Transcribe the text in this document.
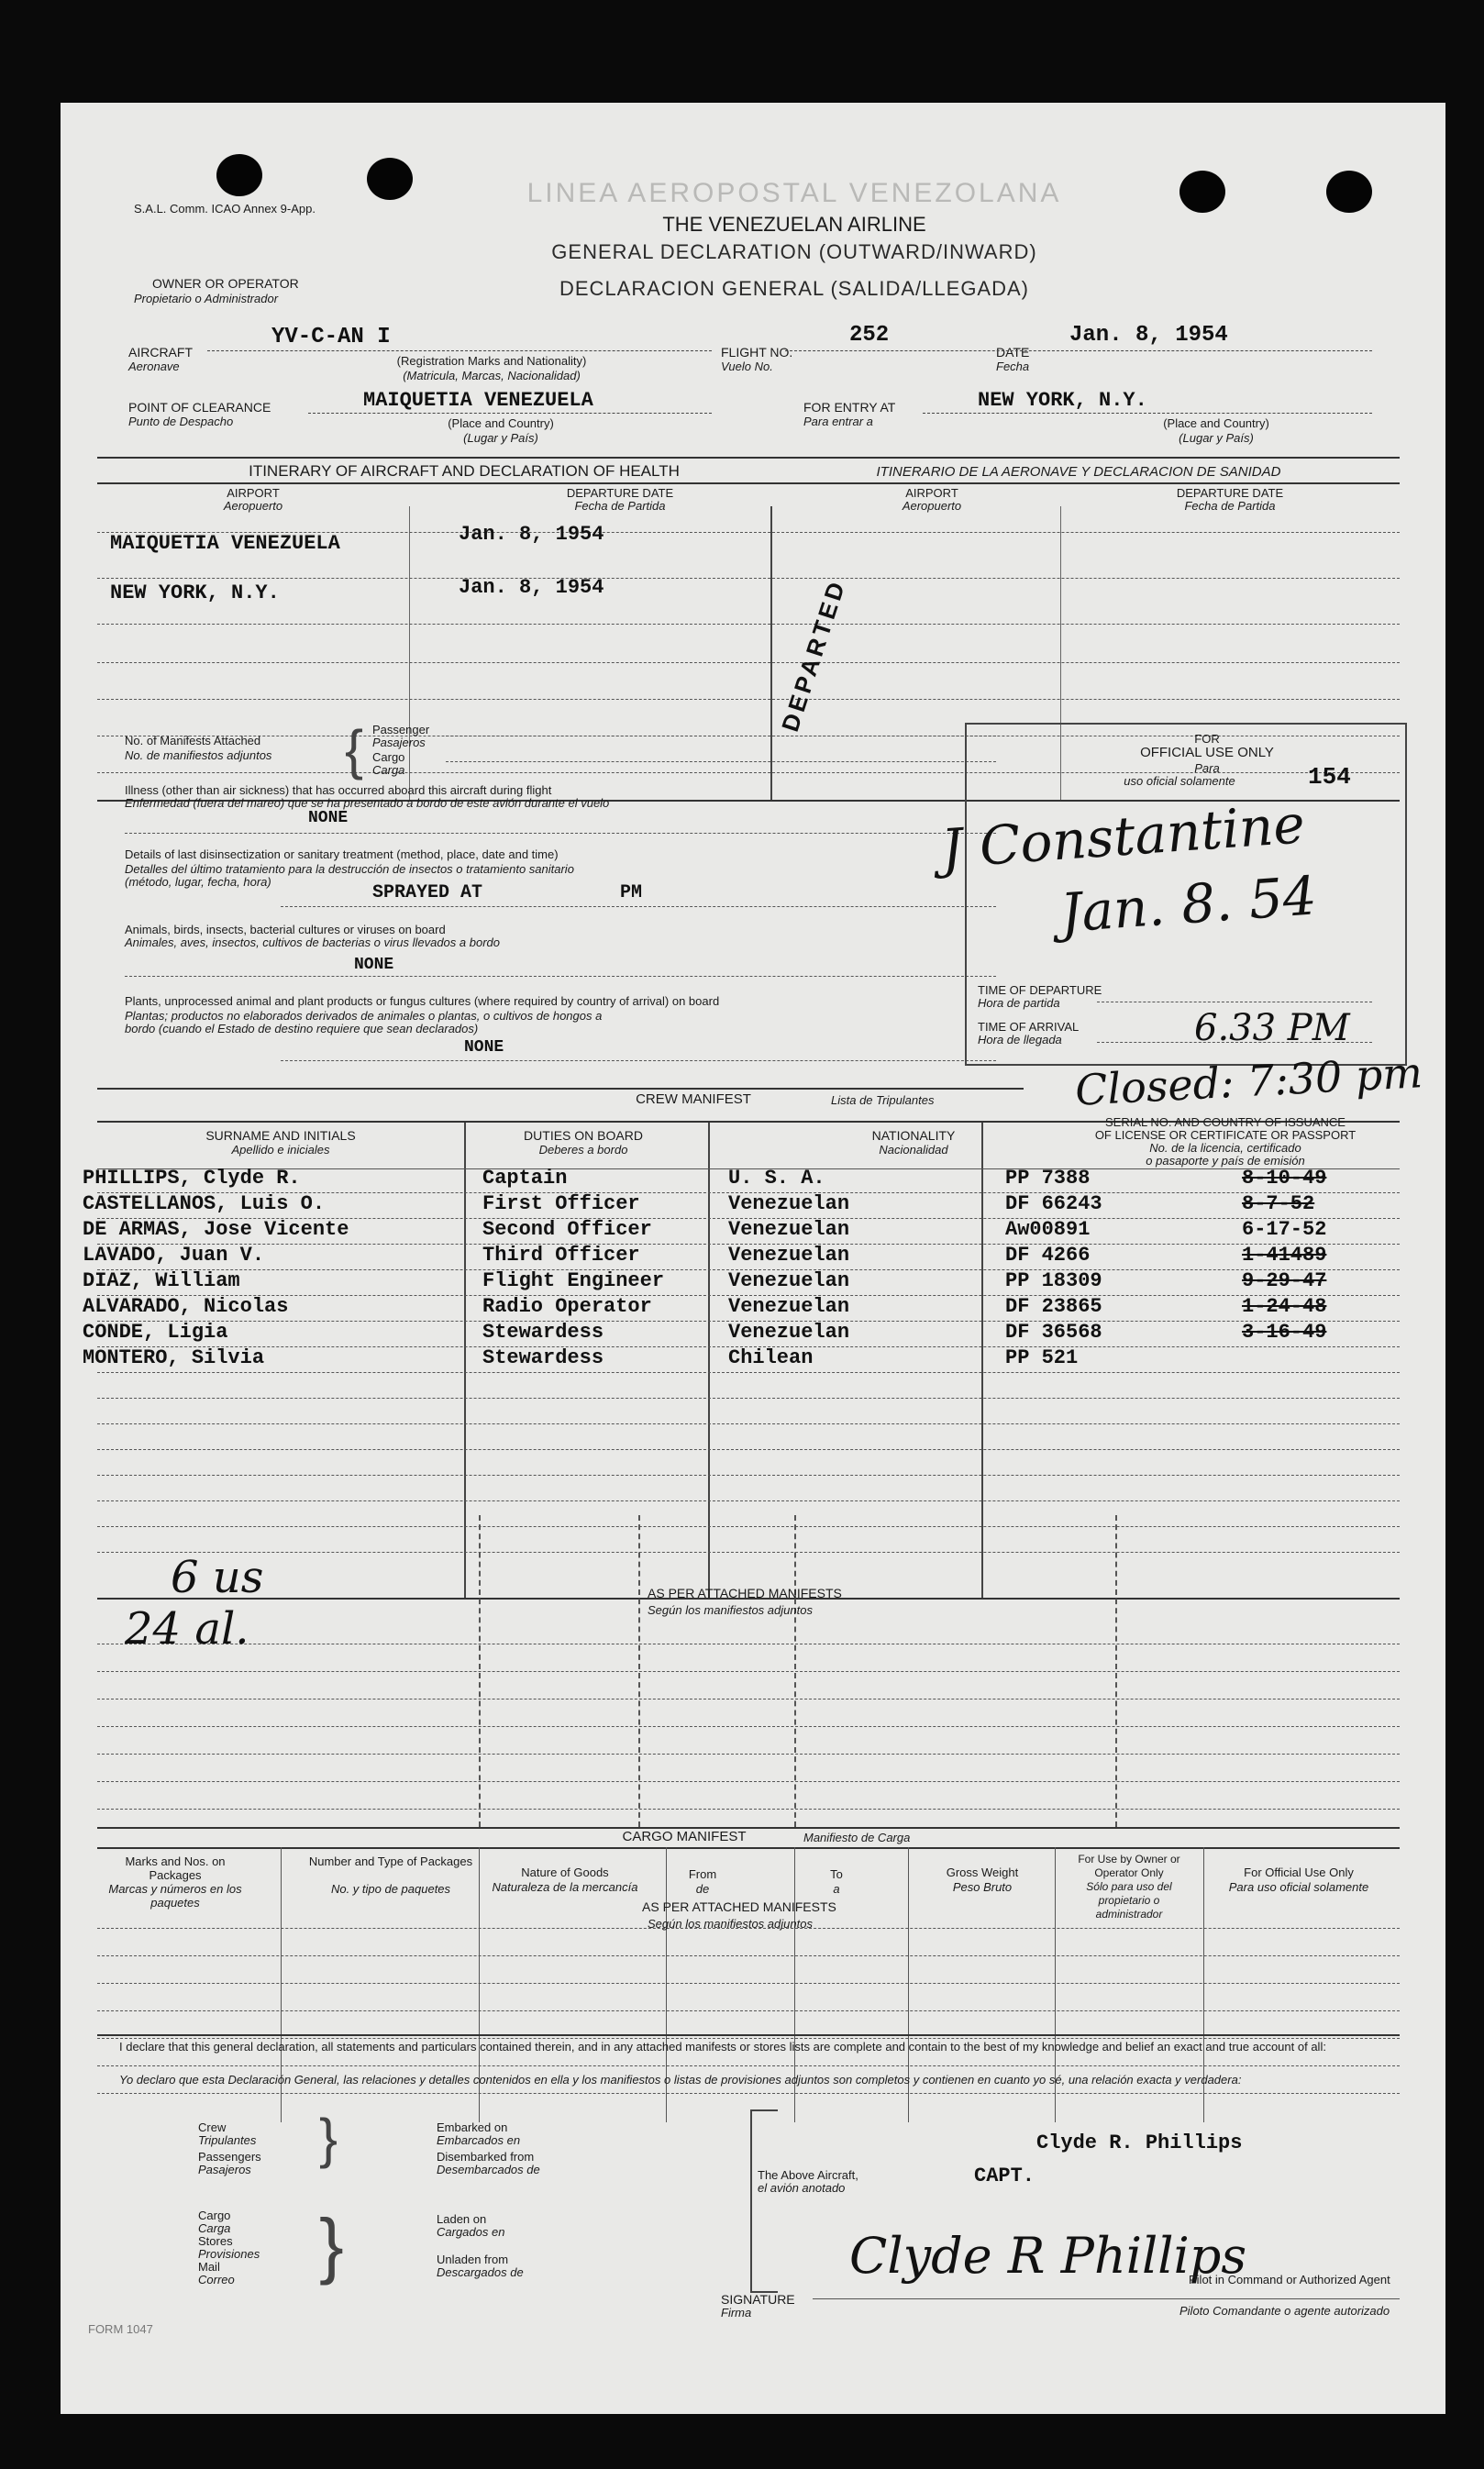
S.A.L. Comm. ICAO Annex 9-App.
LINEA AEROPOSTAL VENEZOLANA
THE VENEZUELAN AIRLINE
GENERAL DECLARATION (OUTWARD/INWARD)
DECLARACION GENERAL (SALIDA/LLEGADA)
OWNER OR OPERATOR
Propietario o Administrador
AIRCRAFT
Aeronave
YV-C-AN I
(Registration Marks and Nationality)
(Matricula, Marcas, Nacionalidad)
FLIGHT NO.
Vuelo No.
252
DATE
Fecha
Jan. 8, 1954
POINT OF CLEARANCE
Punto de Despacho
MAIQUETIA VENEZUELA
(Place and Country)
(Lugar y País)
FOR ENTRY AT
Para entrar a
NEW YORK, N.Y.
(Place and Country)
(Lugar y País)
ITINERARY OF AIRCRAFT AND DECLARATION OF HEALTH	ITINERARIO DE LA AERONAVE Y DECLARACION DE SANIDAD
AIRPORT
Aeropuerto
DEPARTURE DATE
Fecha de Partida
AIRPORT
Aeropuerto
DEPARTURE DATE
Fecha de Partida
MAIQUETIA VENEZUELA	Jan. 8, 1954
NEW YORK, N.Y.	Jan. 8, 1954	DEPARTED
No. of Manifests Attached
No. de manifiestos adjuntos { Passenger
Pasajeros
Cargo
Carga
Illness (other than air sickness) that has occurred aboard this aircraft during flight
Enfermedad (fuera del mareo) que se ha presentado a bordo de este avión durante el vuelo
NONE
Details of last disinsectization or sanitary treatment (method, place, date and time)
Detalles del último tratamiento para la destrucción de insectos o tratamiento sanitario
(método, lugar, fecha, hora)
SPRAYED AT	PM
Animals, birds, insects, bacterial cultures or viruses on board
Animales, aves, insectos, cultivos de bacterias o virus llevados a bordo
NONE
Plants, unprocessed animal and plant products or fungus cultures (where required by country of arrival) on board
Plantas; productos no elaborados derivados de animales o plantas, o cultivos de hongos a
bordo (cuando el Estado de destino requiere que sean declarados)
NONE
FOR
OFFICIAL USE ONLY
Para
uso oficial solamente	154
J Constantine
Jan. 8. 54
TIME OF DEPARTURE
Hora de partida
TIME OF ARRIVAL
Hora de llegada	6.33 PM
Closed: 7:30 pm
CREW MANIFEST	Lista de Tripulantes
SURNAME AND INITIALS
Apellido e iniciales
DUTIES ON BOARD
Deberes a bordo
NATIONALITY
Nacionalidad
SERIAL NO. AND COUNTRY OF ISSUANCE
OF LICENSE OR CERTIFICATE OR PASSPORT
No. de la licencia, certificado
o pasaporte y país de emisión
PHILLIPS, Clyde R.	Captain	U. S. A.	PP 7388	8-10-49
CASTELLANOS, Luis O.	First Officer	Venezuelan	DF 66243	8-7-52
DE ARMAS, Jose Vicente	Second Officer	Venezuelan	Aw00891	6-17-52
LAVADO, Juan V.	Third Officer	Venezuelan	DF 4266	1-41489
DIAZ, William	Flight Engineer	Venezuelan	PP 18309	9-29-47
ALVARADO, Nicolas	Radio Operator	Venezuelan	DF 23865	1-24-48
CONDE, Ligia	Stewardess	Venezuelan	DF 36568	3-16-49
MONTERO, Silvia	Stewardess	Chilean	PP 521
6 us
24 al.
AS PER ATTACHED MANIFESTS
Según los manifiestos adjuntos
CARGO MANIFEST	Manifiesto de Carga
Marks and Nos. on Packages
Marcas y números en los paquetes
Number and Type of Packages
No. y tipo de paquetes
Nature of Goods
Naturaleza de la mercancía
From
de
To
a
Gross Weight
Peso Bruto
For Use by Owner or Operator Only
Sólo para uso del propietario o administrador
For Official Use Only
Para uso oficial solamente
AS PER ATTACHED MANIFESTS
Según los manifiestos adjuntos
I declare that this general declaration, all statements and particulars contained therein, and in any attached manifests or stores lists are complete and contain to the best of my knowledge and belief an exact and true account of all:
Yo declaro que esta Declaración General, las relaciones y detalles contenidos en ella y los manifiestos o listas de provisiones adjuntos son completos y contienen en cuanto yo sé, una relación exacta y verdadera:
Crew
Tripulantes
Passengers
Pasajeros
}	Embarked on
Embarcados en
Disembarked from
Desembarcados de
Cargo
Carga
Stores
Provisiones
Mail
Correo }	Laden on
Cargados en
Unladen from
Descargados de
The Above Aircraft,
el avión anotado
Clyde R. Phillips
CAPT.
Clyde R Phillips
SIGNATURE
Firma
Pilot in Command or Authorized Agent
Piloto Comandante o agente autorizado
FORM 1047
